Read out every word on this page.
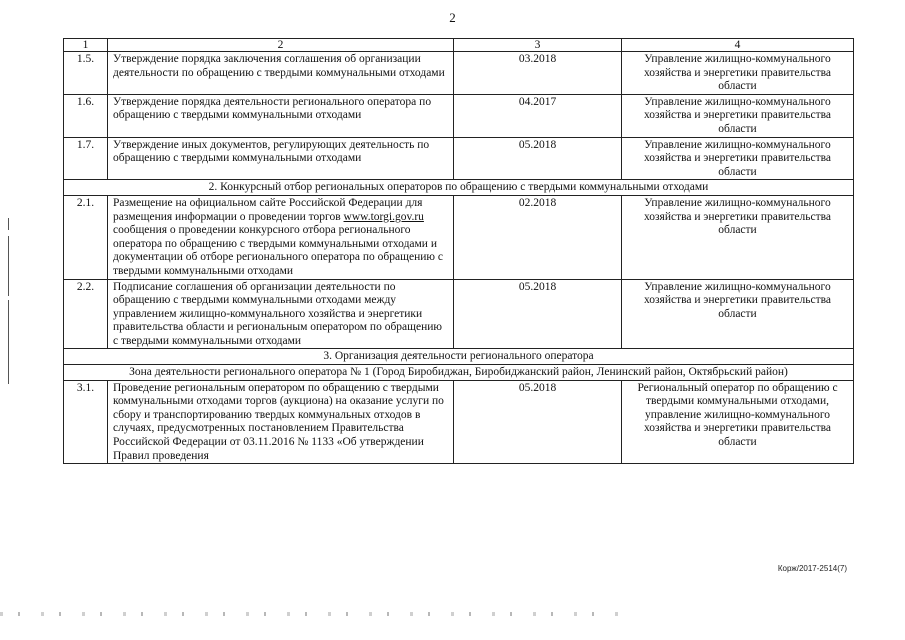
2
1	2	3	4
1.5.	Утверждение порядка заключения соглашения об организации деятельности по обращению с твердыми коммунальными отходами	03.2018	Управление жилищно-коммунального хозяйства и энергетики правительства области
1.6.	Утверждение порядка деятельности регионального оператора по обращению с твердыми коммунальными отходами	04.2017	Управление жилищно-коммунального хозяйства и энергетики правительства области
1.7.	Утверждение иных документов, регулирующих деятельность по обращению с твердыми коммунальными отходами	05.2018	Управление жилищно-коммунального хозяйства и энергетики правительства области
2. Конкурсный отбор региональных операторов по обращению с твердыми коммунальными отходами			
2.1.	Размещение на официальном сайте Российской Федерации для размещения информации о проведении торгов www.torgi.gov.ru сообщения о проведении конкурсного отбора регионального оператора по обращению с твердыми коммунальными отходами и документации об отборе регионального оператора по обращению с твердыми коммунальными отходами	02.2018	Управление жилищно-коммунального хозяйства и энергетики правительства области
2.2.	Подписание соглашения об организации деятельности по обращению с твердыми коммунальными отходами между управлением жилищно-коммунального хозяйства и энергетики правительства области и региональным оператором по обращению с твердыми коммунальными отходами	05.2018	Управление жилищно-коммунального хозяйства и энергетики правительства области
3. Организация деятельности регионального оператора			
Зона деятельности регионального оператора № 1 (Город Биробиджан, Биробиджанский район, Ленинский район, Октябрьский район)			
3.1.	Проведение региональным оператором по обращению с твердыми коммунальными отходами торгов (аукциона) на оказание услуги по сбору и транспортированию твердых коммунальных отходов в случаях, предусмотренных постановлением Правительства Российской Федерации от 03.11.2016 № 1133 «Об утверждении Правил проведения	05.2018	Региональный оператор по обращению с твердыми коммунальными отходами, управление жилищно-коммунального хозяйства и энергетики правительства области
Корж/2017-2514(7)
